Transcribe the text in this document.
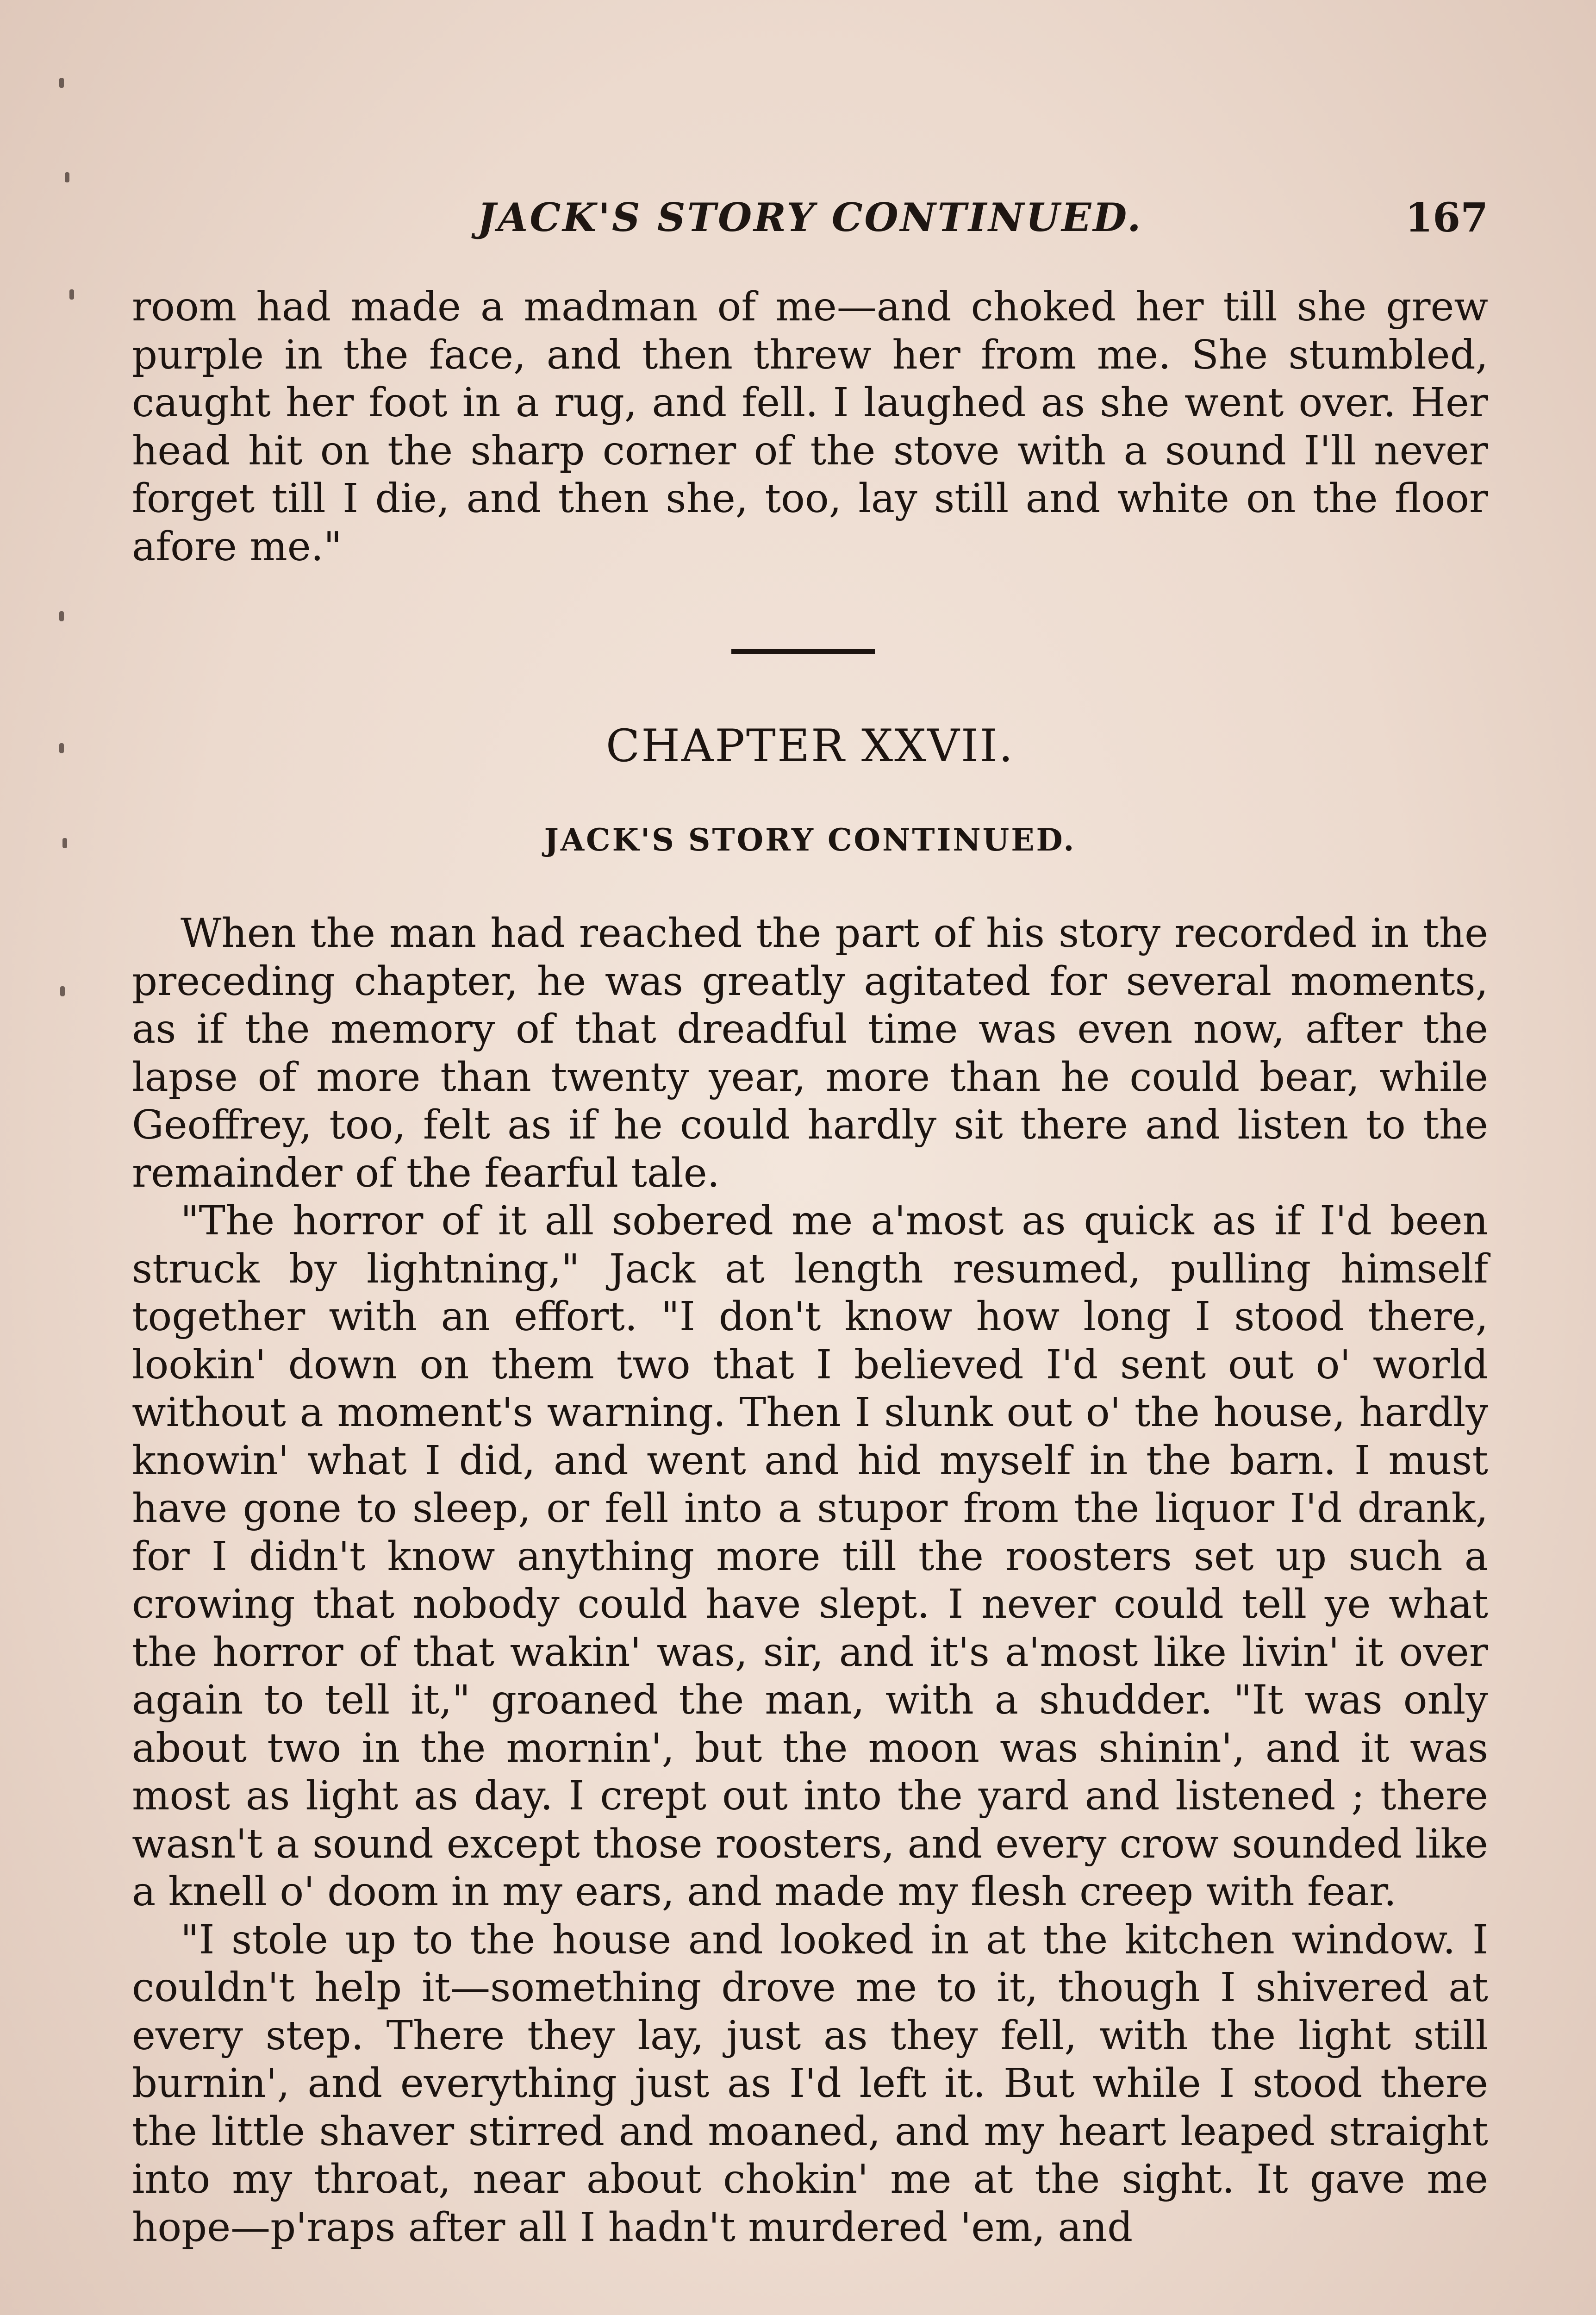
JACK'S STORY CONTINUED.	167

room had made a madman of me—and choked her till she grew purple in the face, and then threw her from me. She stumbled, caught her foot in a rug, and fell. I laughed as she went over. Her head hit on the sharp corner of the stove with a sound I'll never forget till I die, and then she, too, lay still and white on the floor afore me."

CHAPTER XXVII.
JACK'S STORY CONTINUED.

When the man had reached the part of his story recorded in the preceding chapter, he was greatly agitated for several moments, as if the memory of that dreadful time was even now, after the lapse of more than twenty year, more than he could bear, while Geoffrey, too, felt as if he could hardly sit there and listen to the remainder of the fearful tale.

"The horror of it all sobered me a'most as quick as if I'd been struck by lightning," Jack at length resumed, pulling himself together with an effort. "I don't know how long I stood there, lookin' down on them two that I believed I'd sent out o' world without a moment's warning. Then I slunk out o' the house, hardly knowin' what I did, and went and hid myself in the barn. I must have gone to sleep, or fell into a stupor from the liquor I'd drank, for I didn't know anything more till the roosters set up such a crowing that nobody could have slept. I never could tell ye what the horror of that wakin' was, sir, and it's a'most like livin' it over again to tell it," groaned the man, with a shudder. "It was only about two in the mornin', but the moon was shinin', and it was most as light as day. I crept out into the yard and listened ; there wasn't a sound except those roosters, and every crow sounded like a knell o' doom in my ears, and made my flesh creep with fear.

"I stole up to the house and looked in at the kitchen window. I couldn't help it—something drove me to it, though I shivered at every step. There they lay, just as they fell, with the light still burnin', and everything just as I'd left it. But while I stood there the little shaver stirred and moaned, and my heart leaped straight into my throat, near about chokin' me at the sight. It gave me hope—p'raps after all I hadn't murdered 'em, and
